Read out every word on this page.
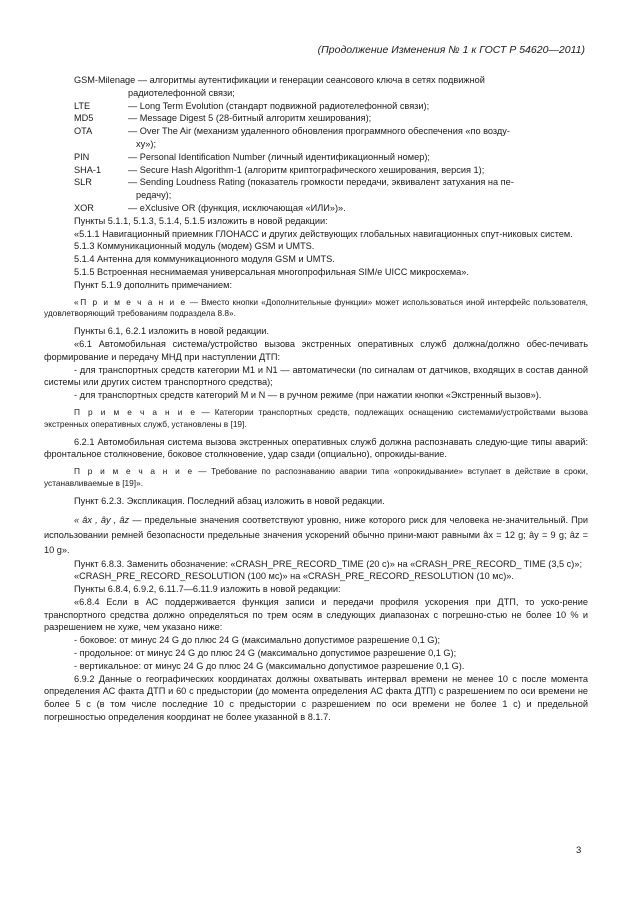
(Продолжение Изменения № 1 к ГОСТ Р 54620—2011)
GSM-Milenage — алгоритмы аутентификации и генерации сеансового ключа в сетях подвижной
радиотелефонной связи;
LTE	— Long Term Evolution (стандарт подвижной радиотелефонной связи);
MD5	— Message Digest 5 (28-битный алгоритм хеширования);
OTA	— Over The Air (механизм удаленного обновления программного обеспечения «по возду-
ху»);
PIN	— Personal Identification Number (личный идентификационный номер);
SHA-1	— Secure Hash Algorithm-1 (алгоритм криптографического хеширования, версия 1);
SLR	— Sending Loudness Rating (показатель громкости передачи, эквивалент затухания на пе-
редачу);
XOR	— eXclusive OR (функция, исключающая «ИЛИ»)».

Пункты 5.1.1, 5.1.3, 5.1.4, 5.1.5 изложить в новой редакции:

«5.1.1 Навигационный приемник ГЛОНАСС и других действующих глобальных навигационных спут-никовых систем.

5.1.3 Коммуникационный модуль (модем) GSM и UMTS.

5.1.4 Антенна для коммуникационного модуля GSM и UMTS.

5.1.5 Встроенная неснимаемая универсальная многопрофильная SIM/e UICC микросхема».

Пункт 5.1.9 дополнить примечанием:

«П р и м е ч а н и е — Вместо кнопки «Дополнительные функции» может использоваться иной интерфейс пользователя, удовлетворяющий требованиям подраздела 8.8».

Пункты 6.1, 6.2.1 изложить в новой редакции.

«6.1 Автомобильная система/устройство вызова экстренных оперативных служб должна/должно обес-печивать формирование и передачу МНД при наступлении ДТП:

- для транспортных средств категории М1 и N1 — автоматически (по сигналам от датчиков, входящих в состав данной системы или других систем транспортного средства);

- для транспортных средств категорий М и N — в ручном режиме (при нажатии кнопки «Экстренный вызов»).

П р и м е ч а н и е — Категории транспортных средств, подлежащих оснащению системами/устройствами вызова экстренных оперативных служб, установлены в [19].

6.2.1 Автомобильная система вызова экстренных оперативных служб должна распознавать следую-щие типы аварий: фронтальное столкновение, боковое столкновение, удар сзади (опциально), опрокиды-вание.

П р и м е ч а н и е — Требование по распознаванию аварии типа «опрокидывание» вступает в действие в сроки, устанавливаемые в [19]».

Пункт 6.2.3. Экспликация. Последний абзац изложить в новой редакции.

« âx , ây , âz — предельные значения соответствуют уровню, ниже которого риск для человека не-значительный. При использовании ремней безопасности предельные значения ускорений обычно прини-мают равными âx = 12 g; ây = 9 g; âz = 10 g».

Пункт 6.8.3. Заменить обозначение: «CRASH_PRE_RECORD_TIME (20 с)» на «CRASH_PRE_RECORD_ TIME (3,5 с)»;

«CRASH_PRE_RECORD_RESOLUTION (100 мс)» на «CRASH_PRE_RECORD_RESOLUTION (10 мс)».

Пункты 6.8.4, 6.9.2, 6.11.7—6.11.9 изложить в новой редакции:

«6.8.4 Если в АС поддерживается функция записи и передачи профиля ускорения при ДТП, то уско-рение транспортного средства должно определяться по трем осям в следующих диапазонах с погрешно-стью не более 10 % и разрешением не хуже, чем указано ниже:

- боковое: от минус 24 G до плюс 24 G (максимально допустимое разрешение 0,1 G);

- продольное: от минус 24 G до плюс 24 G (максимально допустимое разрешение 0,1 G);

- вертикальное: от минус 24 G до плюс 24 G (максимально допустимое разрешение 0,1 G).

6.9.2 Данные о географических координатах должны охватывать интервал времени не менее 10 с после момента определения АС факта ДТП и 60 с предыстории (до момента определения АС факта ДТП) с разрешением по оси времени не более 5 с (в том числе последние 10 с предыстории с разрешением по оси времени не более 1 с) и предельной погрешностью определения координат не более указанной в 8.1.7.

3
